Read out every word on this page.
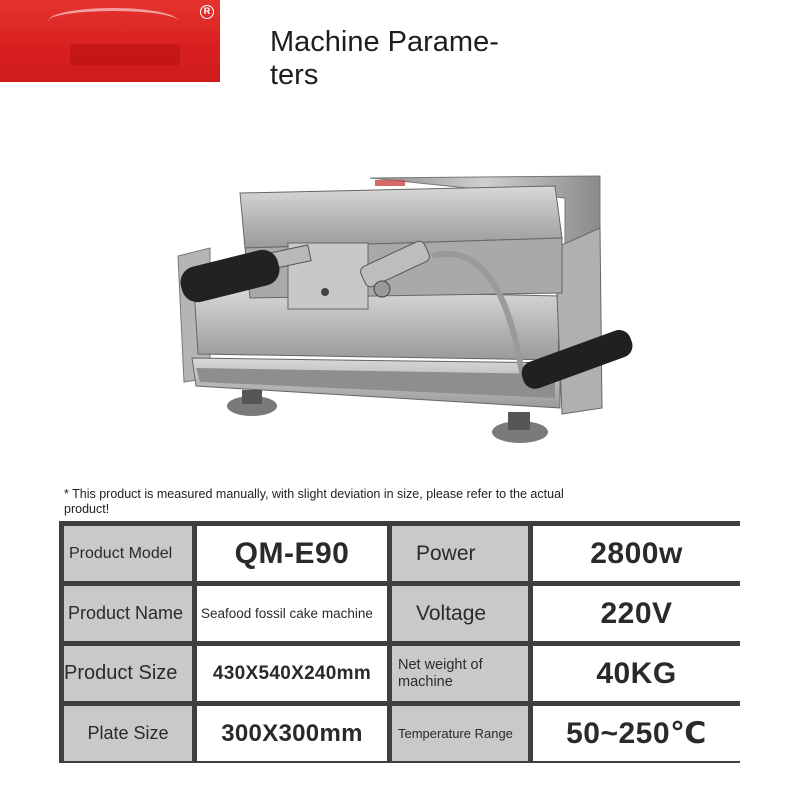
R
Machine Parame-
ters
* This product is measured manually, with slight deviation in size, please refer to the actual product!
Product Model	QM-E90	Power	2800w
Product Name	Seafood fossil cake machine	Voltage	220V
Product Size	430X540X240mm	Net weight of machine	40KG
Plate Size	300X300mm	Temperature Range	50~250℃
